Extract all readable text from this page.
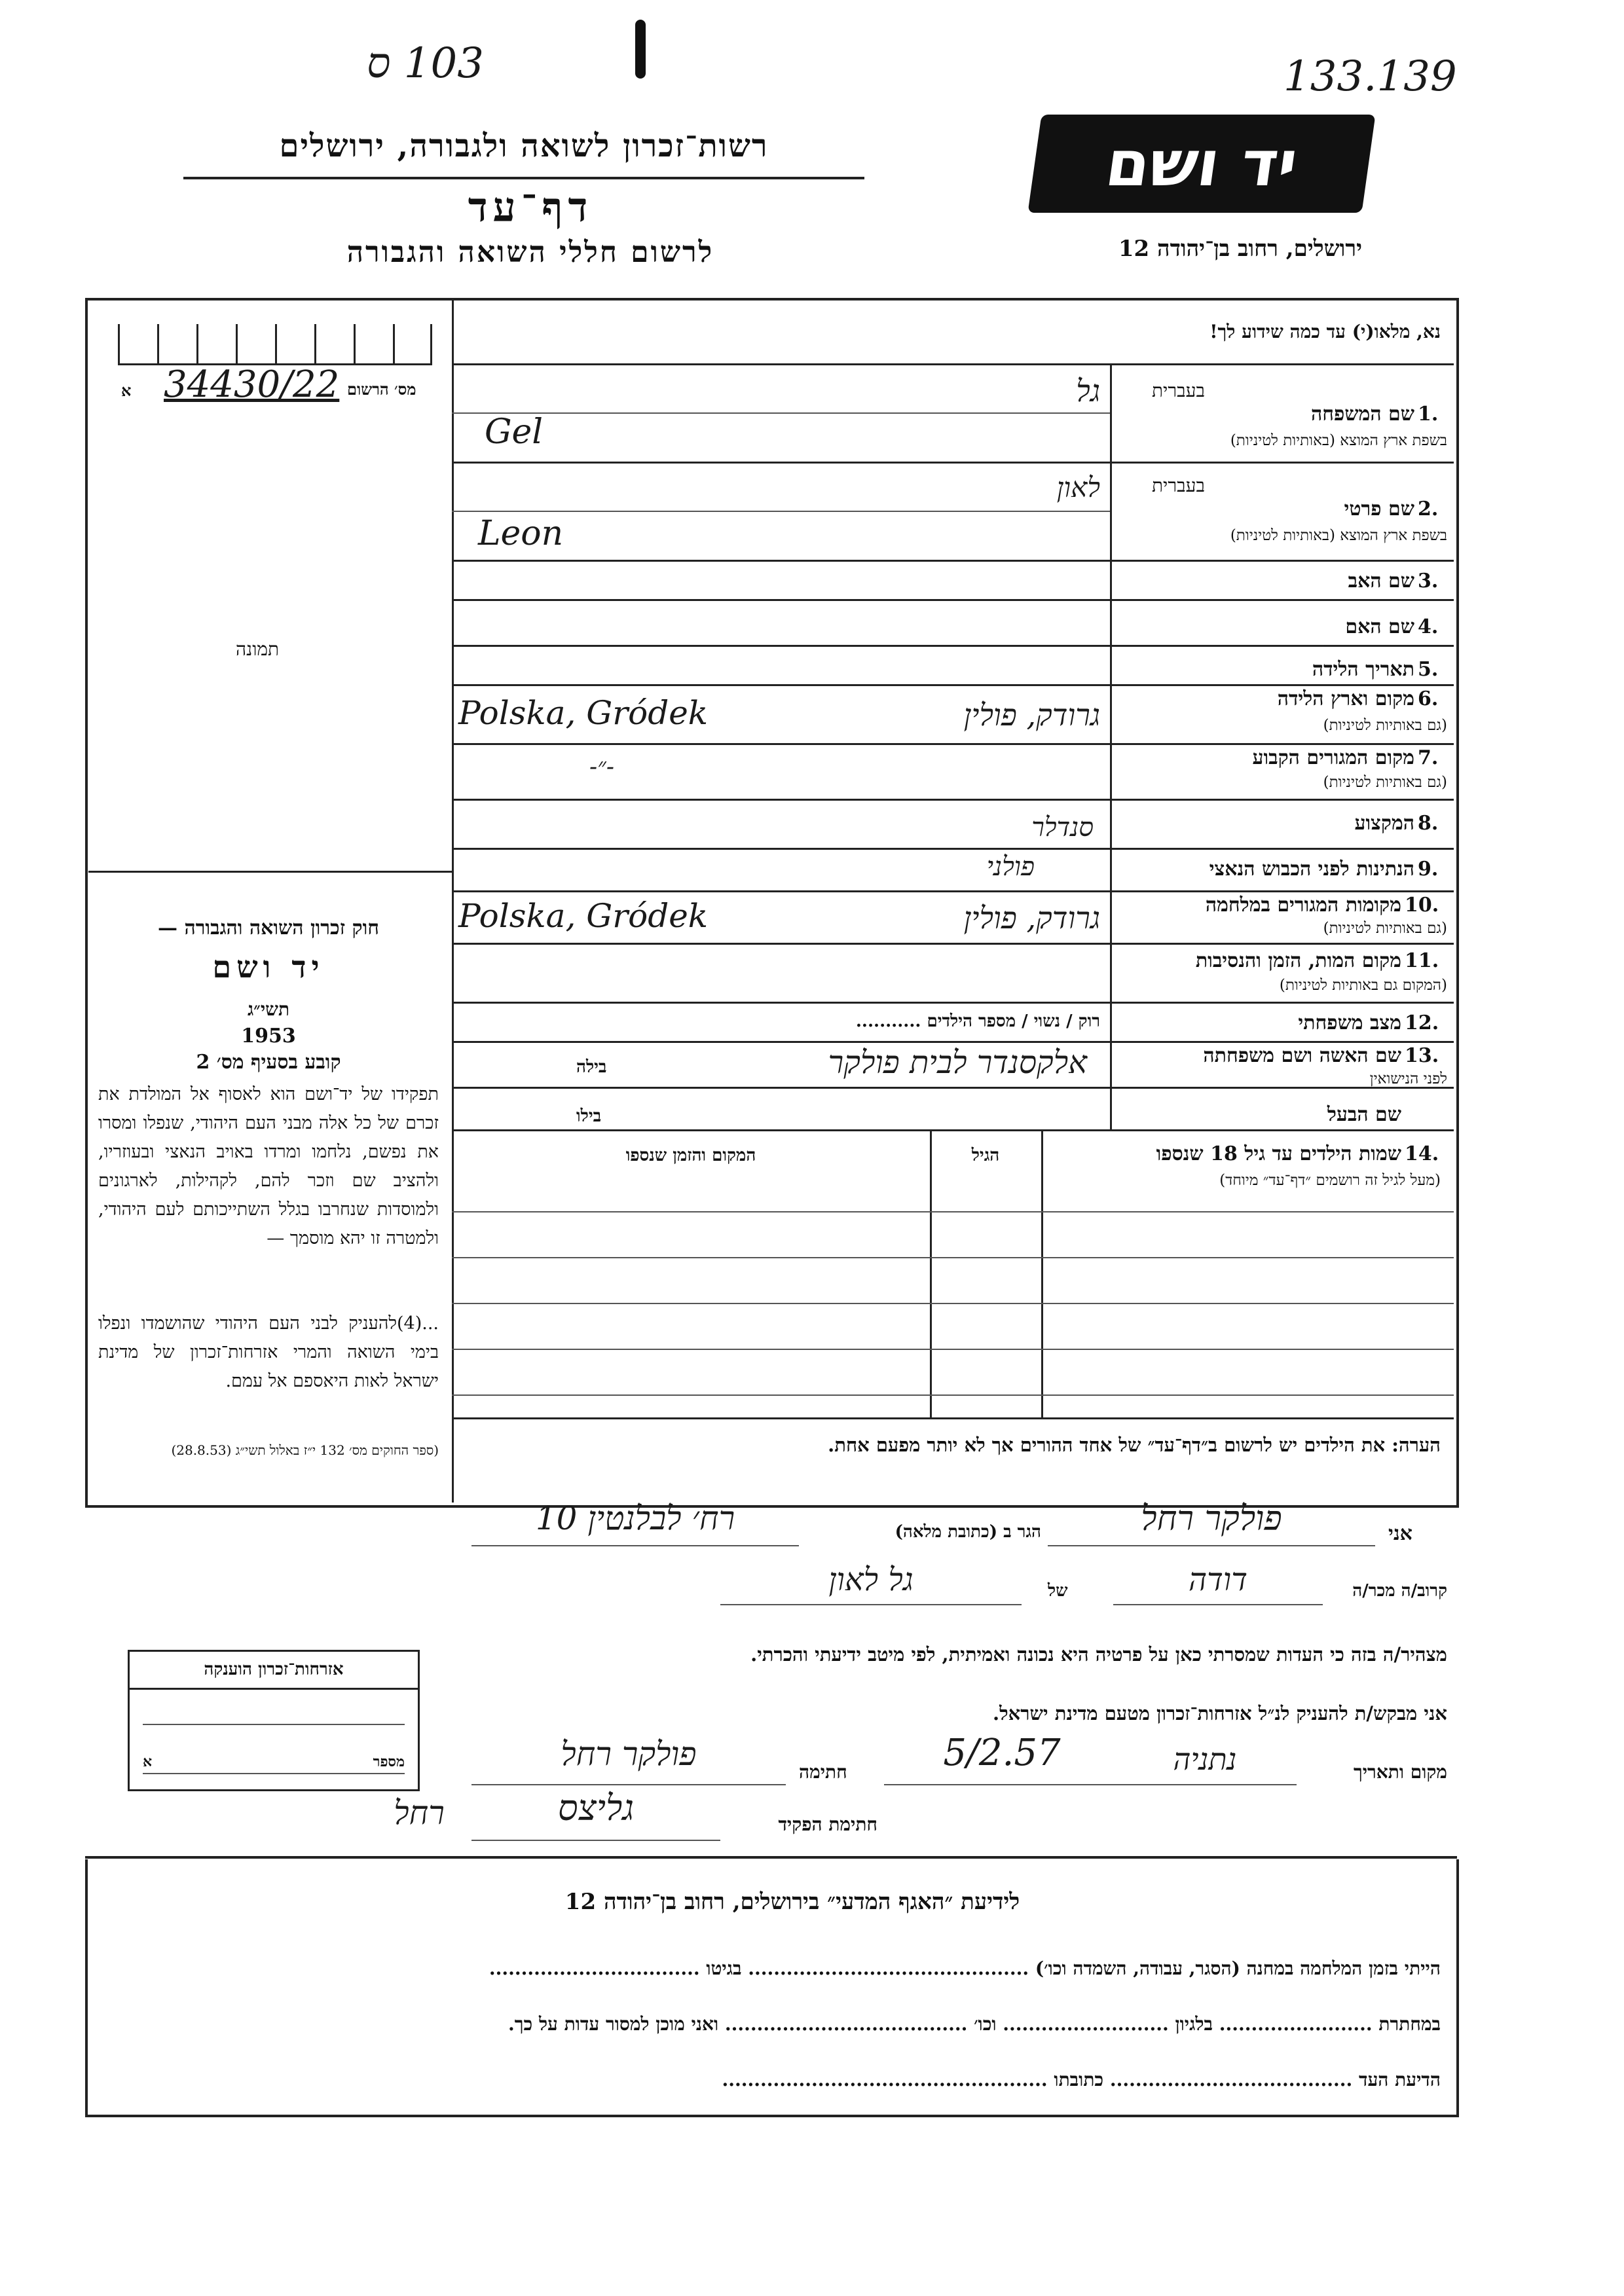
103 ס	133.139
רשות־זכרון לשואה ולגבורה, ירושלים
דף־עד
לרשום חללי השואה והגבורה
יד ושם
ירושלים, רחוב בן־יהודה 12
מס׳ הרשום
34430/22
א
תמונה
חוק זכרון השואה והגבורה —
יד ושם
תשי״ג
1953
קובע בסעיף מס׳ 2
תפקידו של יד־ושם הוא לאסוף אל המולדת את זכרם של כל אלה מבני העם היהודי, שנפלו ומסרו את נפשם, נלחמו ומרדו באויב הנאצי ובעוזריו, ולהציב שם וזכר להם, לקהילות, לארגונים ולמוסדות שנחרבו בגלל השתייכותם לעם היהודי, ולמטרה זו יהא מוסמך —
...(4)להעניק לבני העם היהודי שהושמדו ונפלו בימי השואה והמרי אזרחות־זכרון של מדינת ישראל לאות היאספם אל עמם.
(ספר החוקים מס׳ 132 י״ז באלול תשי״ג (28.8.53)
נא, מלאו(י) עד כמה שידוע לך!
בעברית
שם המשפחה 1.
בשפת ארץ המוצא (באותיות לטיניות)
גל
Gel
בעברית
שם פרטי 2.
בשפת ארץ המוצא (באותיות לטיניות)
לאון
Leon
שם האב 3.
שם האם 4.
תאריך הלידה 5.
מקום וארץ הלידה 6.
(גם באותיות לטיניות)
גרודק, פולין
Polska, Gródek
מקום המגורים הקבוע 7.
(גם באותיות לטיניות)
-״-
המקצוע 8.
סנדלר
הנתינות לפני הכבוש הנאצי 9.
פולני
מקומות המגורים במלחמה 10.
(גם באותיות לטיניות)
גרודק, פולין
Polska, Gródek
מקום המות, הזמן והנסיבות 11.
(המקום גם באותיות לטיניות)
מצב משפחתי 12.
רוק / נשוי / מספר הילדים ...........
שם האשה ושם משפחתה 13.
לפני הנישואין
בילה	אלקסנדר לבית פולקר
שם הבעל
בילו
14.
שמות הילדים עד גיל 18 שנספו
(מעל לגיל זה רושמים ״דף־עד״ מיוחד)
הגיל
המקום והזמן שנספו
הערה: את הילדים יש לרשום ב״דף־עד״ של אחד ההורים אך לא יותר מפעם אחת.
אני
פולקר רחל
הגר ב (כתובת מלאה)
רח׳ לבלנטין 10
קרוב/ה מכר/ה
דודה
של
גל לאון
מצהיר/ה בזה כי העדות שמסרתי כאן על פרטיה היא נכונה ואמיתית, לפי מיטב ידיעתי והכרתי.
אני מבקש/ת להעניק לנ״ל אזרחות־זכרון מטעם מדינת ישראל.
מקום ותאריך
נתניה
5/2.57
חתימה
פולקר רחל
חתימת הפקיד
גליצס
רחל
אזרחות־זכרון הוענקה
מספר
א
לידיעת ״האגף המדעי״ בירושלים, רחוב בן־יהודה 12
הייתי בזמן המלחמה במחנה (הסגר, עבודה, השמדה וכו׳) ............................................ בגיטו .................................
במחתרת ........................ בלגיון .......................... וכו׳ ...................................... ואני מוכן למסור עדות על כך.
הדיעת העד ...................................... כתובתו ...................................................
